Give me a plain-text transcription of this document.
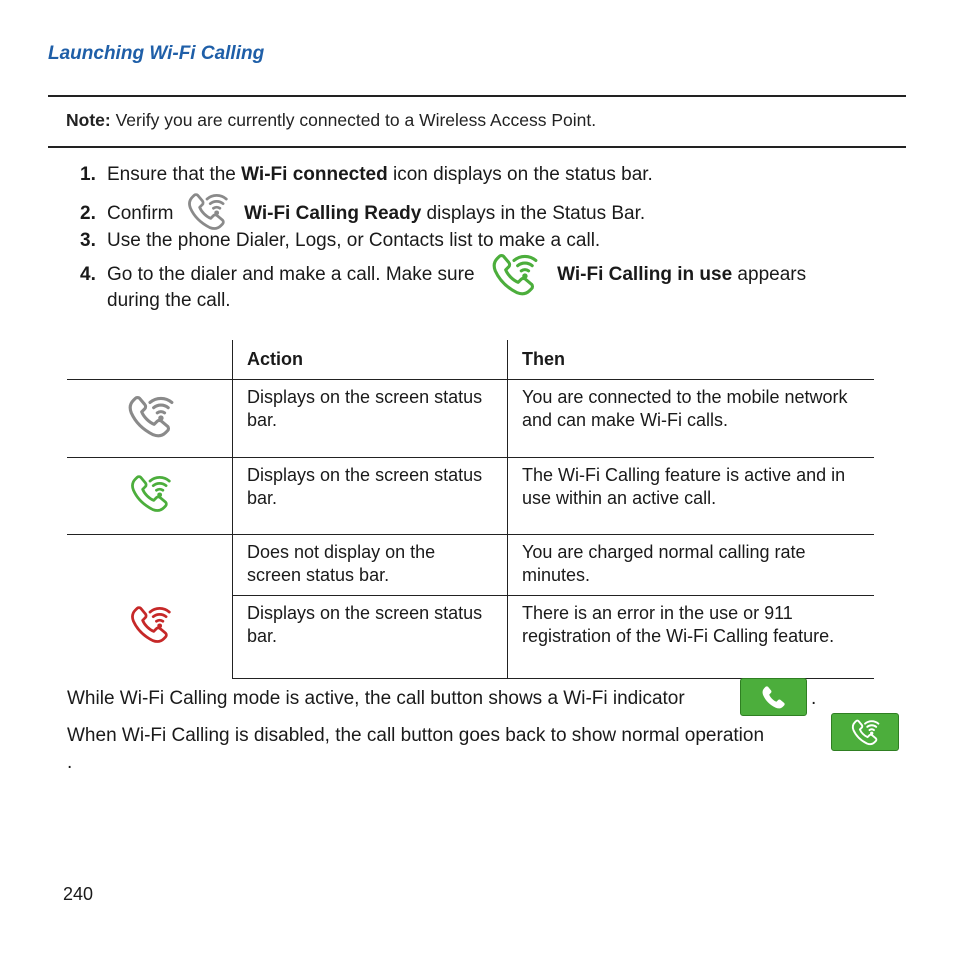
Launching Wi-Fi Calling
Note: Verify you are currently connected to a Wireless Access Point.
1. Ensure that the Wi-Fi connected icon displays on the status bar.
2. Confirm	Wi-Fi Calling Ready displays in the Status Bar.
3. Use the phone Dialer, Logs, or Contacts list to make a call.
4. Go to the dialer and make a call. Make sure	Wi-Fi Calling in use appears
during the call.
	Action	Then
	Displays on the screen status bar.	You are connected to the mobile network and can make Wi-Fi calls.
	Displays on the screen status bar.	The Wi-Fi Calling feature is active and in use within an active call.
	Does not display on the screen status bar.	You are charged normal calling rate minutes.
	Displays on the screen status bar.	There is an error in the use or 911 registration of the Wi-Fi Calling feature.
While Wi-Fi Calling mode is active, the call button shows a Wi-Fi indicator	.
When Wi-Fi Calling is disabled, the call button goes back to show normal operation
.
240
